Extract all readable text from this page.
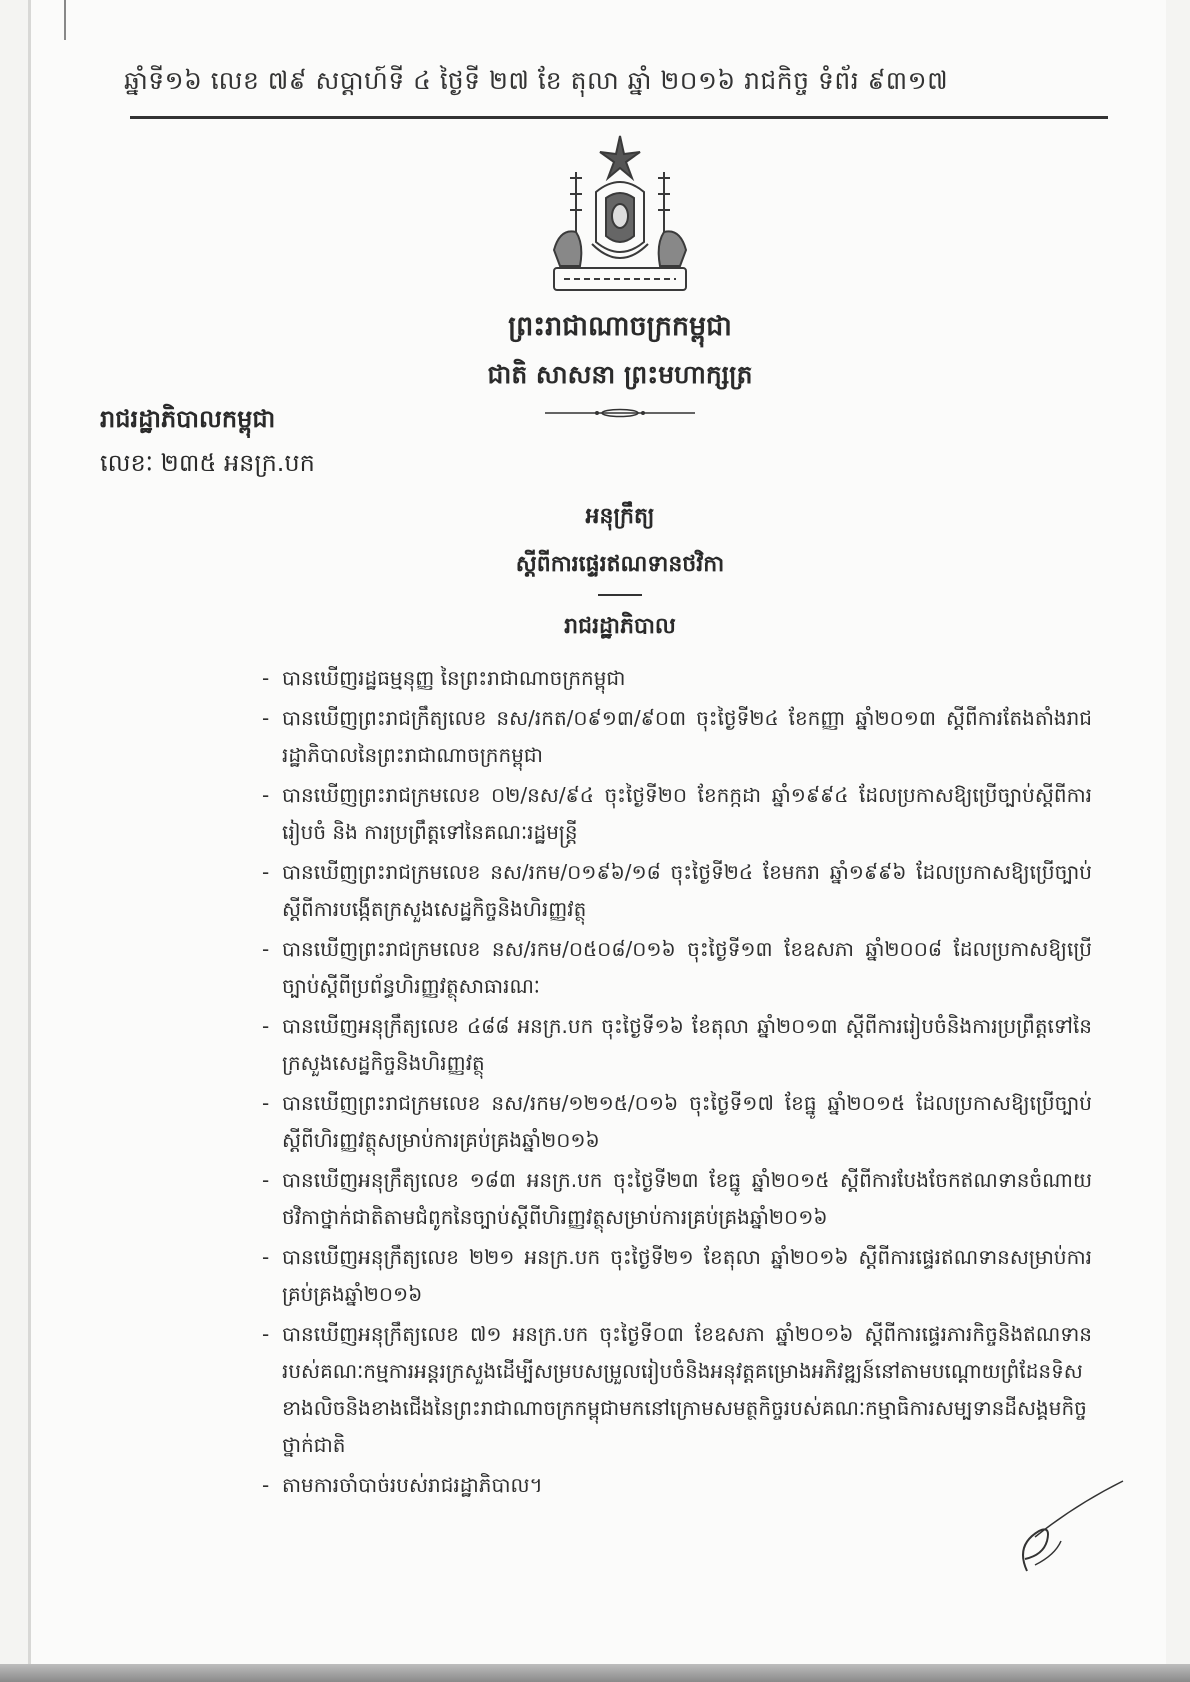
ឆ្នាំទី១៦ លេខ ៧៩ សប្តាហ៍ទី ៤ ថ្ងៃទី ២៧ ខែ តុលា ឆ្នាំ ២០១៦ រាជកិច្ច ទំព័រ ៩៣១៧
ព្រះរាជាណាចក្រកម្ពុជា
ជាតិ សាសនា ព្រះមហាក្សត្រ
រាជរដ្ឋាភិបាលកម្ពុជា
លេខៈ ២៣៥ អនក្រ.បក
អនុក្រឹត្យ
ស្តីពីការផ្ទេរឥណទានថវិកា
រាជរដ្ឋាភិបាល
- បានឃើញរដ្ឋធម្មនុញ្ញ នៃព្រះរាជាណាចក្រកម្ពុជា
- បានឃើញព្រះរាជក្រឹត្យលេខ នស/រកត/០៩១៣/៩០៣ ចុះថ្ងៃទី២៤ ខែកញ្ញា ឆ្នាំ២០១៣ ស្តីពីការតែងតាំងរាជរដ្ឋាភិបាលនៃព្រះរាជាណាចក្រកម្ពុជា
- បានឃើញព្រះរាជក្រមលេខ ០២/នស/៩៤ ចុះថ្ងៃទី២០ ខែកក្កដា ឆ្នាំ១៩៩៤ ដែលប្រកាសឱ្យប្រើច្បាប់ស្តីពីការរៀបចំ និង ការប្រព្រឹត្តទៅនៃគណៈរដ្ឋមន្ត្រី
- បានឃើញព្រះរាជក្រមលេខ នស/រកម/០១៩៦/១៨ ចុះថ្ងៃទី២៤ ខែមករា ឆ្នាំ១៩៩៦ ដែលប្រកាសឱ្យប្រើច្បាប់ស្តីពីការបង្កើតក្រសួងសេដ្ឋកិច្ចនិងហិរញ្ញវត្ថុ
- បានឃើញព្រះរាជក្រមលេខ នស/រកម/០៥០៨/០១៦ ចុះថ្ងៃទី១៣ ខែឧសភា ឆ្នាំ២០០៨ ដែលប្រកាសឱ្យប្រើច្បាប់ស្តីពីប្រព័ន្ធហិរញ្ញវត្ថុសាធារណៈ
- បានឃើញអនុក្រឹត្យលេខ ៤៨៨ អនក្រ.បក ចុះថ្ងៃទី១៦ ខែតុលា ឆ្នាំ២០១៣ ស្តីពីការរៀបចំនិងការប្រព្រឹត្តទៅនៃក្រសួងសេដ្ឋកិច្ចនិងហិរញ្ញវត្ថុ
- បានឃើញព្រះរាជក្រមលេខ នស/រកម/១២១៥/០១៦ ចុះថ្ងៃទី១៧ ខែធ្នូ ឆ្នាំ២០១៥ ដែលប្រកាសឱ្យប្រើច្បាប់ស្តីពីហិរញ្ញវត្ថុសម្រាប់ការគ្រប់គ្រងឆ្នាំ២០១៦
- បានឃើញអនុក្រឹត្យលេខ ១៨៣ អនក្រ.បក ចុះថ្ងៃទី២៣ ខែធ្នូ ឆ្នាំ២០១៥ ស្តីពីការបែងចែកឥណទានចំណាយថវិកាថ្នាក់ជាតិតាមជំពូកនៃច្បាប់ស្តីពីហិរញ្ញវត្ថុសម្រាប់ការគ្រប់គ្រងឆ្នាំ២០១៦
- បានឃើញអនុក្រឹត្យលេខ ២២១ អនក្រ.បក ចុះថ្ងៃទី២១ ខែតុលា ឆ្នាំ២០១៦ ស្តីពីការផ្ទេរឥណទានសម្រាប់ការគ្រប់គ្រងឆ្នាំ២០១៦
- បានឃើញអនុក្រឹត្យលេខ ៧១ អនក្រ.បក ចុះថ្ងៃទី០៣ ខែឧសភា ឆ្នាំ២០១៦ ស្តីពីការផ្ទេរភារកិច្ចនិងឥណទានរបស់គណៈកម្មការអន្តរក្រសួងដើម្បីសម្របសម្រួលរៀបចំនិងអនុវត្តគម្រោងអភិវឌ្ឍន៍នៅតាមបណ្តោយព្រំដែនទិសខាងលិចនិងខាងជើងនៃព្រះរាជាណាចក្រកម្ពុជាមកនៅក្រោមសមត្ថកិច្ចរបស់គណៈកម្មាធិការសម្បទានដីសង្គមកិច្ចថ្នាក់ជាតិ
- តាមការចាំបាច់របស់រាជរដ្ឋាភិបាល។
